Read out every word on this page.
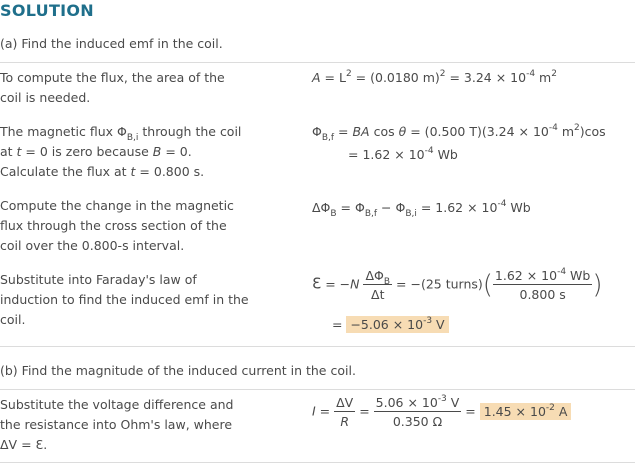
SOLUTION
(a) Find the induced emf in the coil.
To compute the flux, the area of the
coil is needed.
$A = L^2 = (0.0180$ $m)^2 = 3.24 \times 10^{-4}$ $m^2$
The magnetic flux $\Phi_{B,i}$ through the coil
at t = 0 is zero because B = 0.
Calculate the flux at t = 0.800 s.
$\Phi_{B,f}$ = BA cos θ = (0.500 $T)(3.24 \times 10^{-4}$ $m^2)\cos$
= $1.62 \times 10^{-4}$ Wb
Compute the change in the magnetic
flux through the cross section of the
coil over the 0.800-s interval.
$\Delta\Phi_B = \Phi_{B,f} - \Phi_{B,i} = 1.62 \times 10^{-4}$ Wb
Substitute into Faraday's law of
induction to find the induced emf in the
coil.
Ɛ = $-N \frac{\Delta\Phi_B}{\Delta t} = -(25$ turns)( $\frac{1.62 \times 10^{-4} Wb}{0.800 s}$ )
= $-5.06 \times 10^{-3}$ V
(b) Find the magnitude of the induced current in the coil.
Substitute the voltage difference and
the resistance into Ohm's law, where
ΔV = Ɛ.
$I = \frac{\Delta V}{R} = \frac{5.06 \times 10^{-3} V}{0.350 \Omega} = 1.45 \times 10^{-2}$ A
